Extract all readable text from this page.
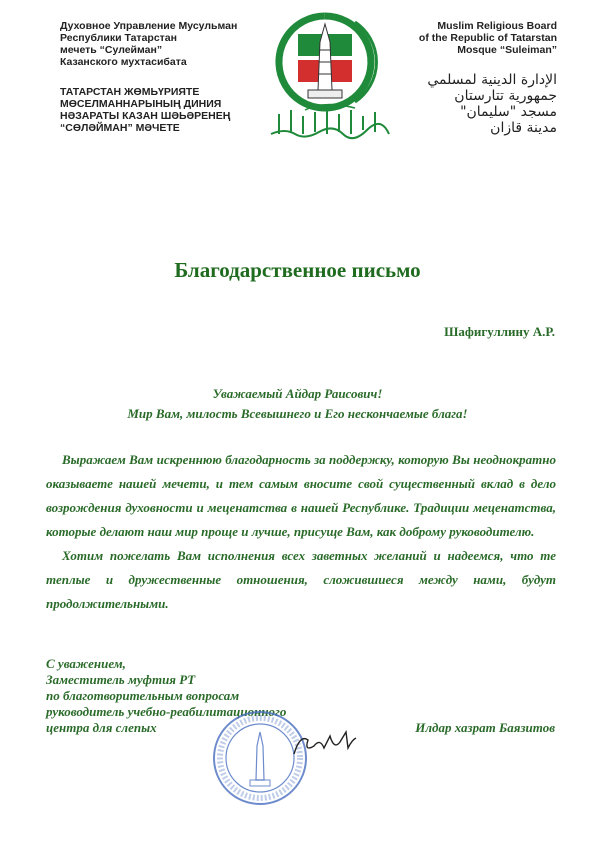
Духовное Управление Мусульман
Республики Татарстан
мечеть “Сулейман”
Казанского мухтасибата
ТАТАРСТАН ЖӨМЬҮРИЯТЕ
МӨСЕЛМАННАРЫНЫҢ ДИНИЯ
НӘЗАРАТЫ КАЗАН ШӘЬӘРЕНЕҢ
“СӨЛӘЙМАН” МӘЧЕТЕ
Muslim Religious Board
of the Republic of Tatarstan
Mosque “Suleiman”
الإدارة الدينية لمسلمي
جمهورية تتارستان
مسجد "سليمان"
مدينة قازان
Благодарственное письмо
Шафигуллину А.Р.
Уважаемый Айдар Раисович!
Мир Вам, милость Всевышнего и Его нескончаемые блага!

Выражаем Вам искреннюю благодарность за поддержку, которую Вы неоднократно оказываете нашей мечети, и тем самым вносите свой существенный вклад в дело возрождения духовности и меценатства в нашей Республике. Традиции меценатства, которые делают наш мир проще и лучше, присуще Вам, как доброму руководителю.

Хотим пожелать Вам исполнения всех заветных желаний и надеемся, что те теплые и дружественные отношения, сложившиеся между нами, будут продолжительными.

С уважением,
Заместитель муфтия РТ
по благотворительным вопросам
руководитель учебно-реабилитационного
центра для слепых	Илдар хазрат Баязитов
